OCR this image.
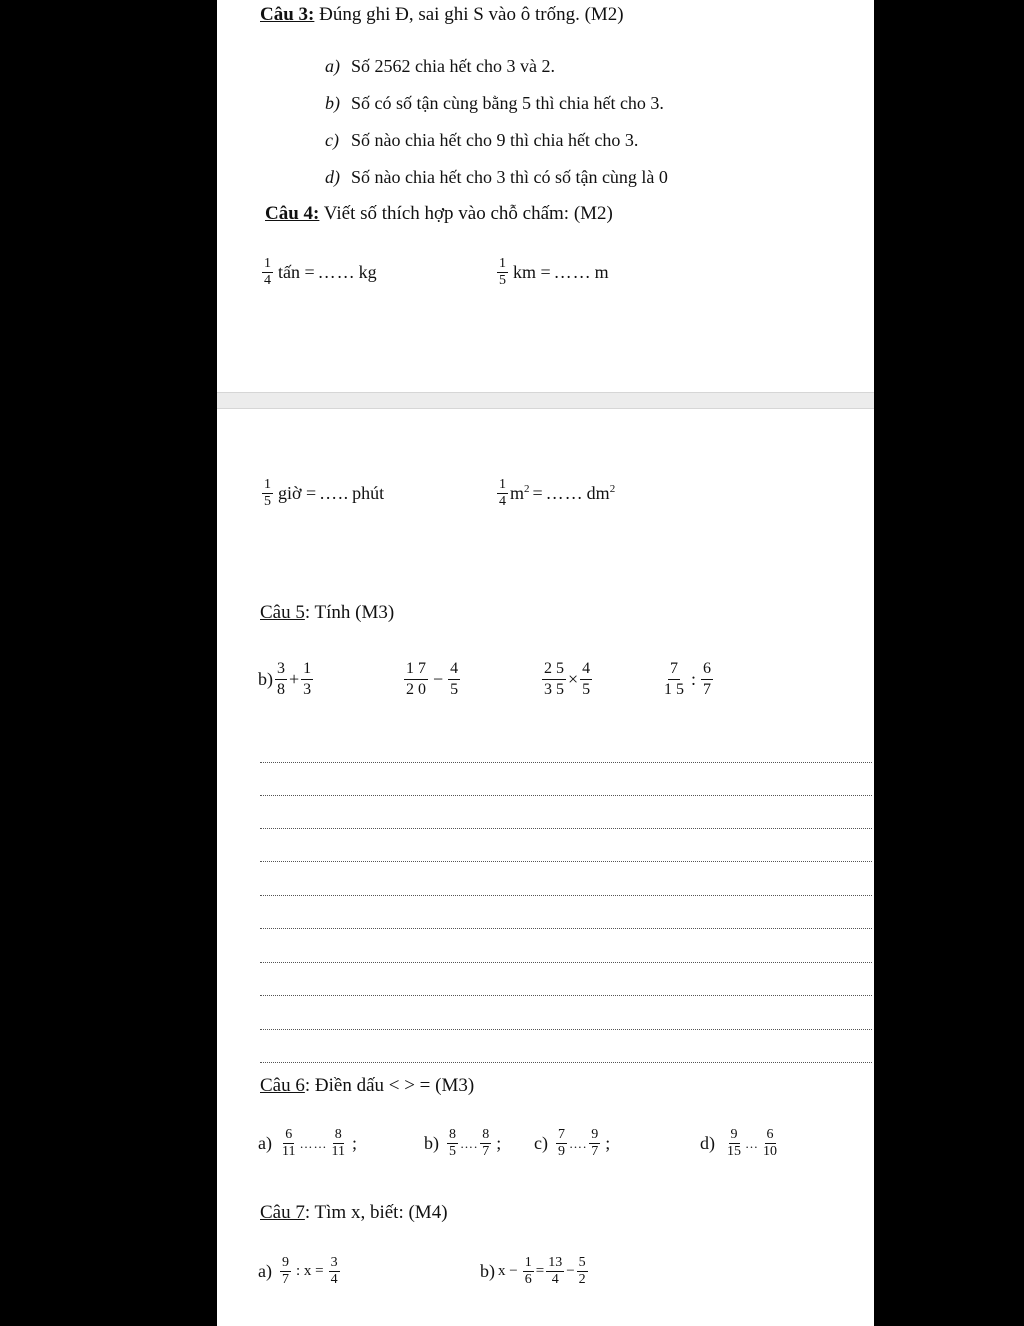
Câu 3: Đúng ghi Đ, sai ghi S vào ô trống. (M2)
a) Số 2562 chia hết cho 3 và 2.
b) Số có số tận cùng bằng 5 thì chia hết cho 3.
c) Số nào chia hết cho 9 thì chia hết cho 3.
d) Số nào chia hết cho 3 thì có số tận cùng là 0
Câu 4: Viết số thích hợp vào chỗ chấm: (M2)
$\frac{1}{4}$ tấn = …… kg	$\frac{1}{5}$ km = …… m
$\frac{1}{5}$ giờ = ….. phút	$\frac{1}{4} m^2$ = …… $dm^2$
Câu 5: Tính (M3)
$b) \frac{3}{8} + \frac{1}{3}$	$\frac{1 7}{2 0} - \frac{4}{5}$	$\frac{2 5}{3 5} \times \frac{4}{5}$	$\frac{7}{1 5}$ : $\frac{6}{7}$
Câu 6: Điền dấu < > = (M3)
$a) \frac{6}{11}$ …… $\frac{8}{11}$ ;	$b) \frac{8}{5}$ …. $\frac{8}{7}$ ; $c) \frac{7}{9}$ …. $\frac{9}{7}$ ;	$d) \frac{9}{15}$ … $\frac{6}{10}$
Câu 7: Tìm x, biết: (M4)
$a) \frac{9}{7}$ : $x = \frac{3}{4}$	b) $x - \frac{1}{6} = \frac{13}{4} - \frac{5}{2}$
